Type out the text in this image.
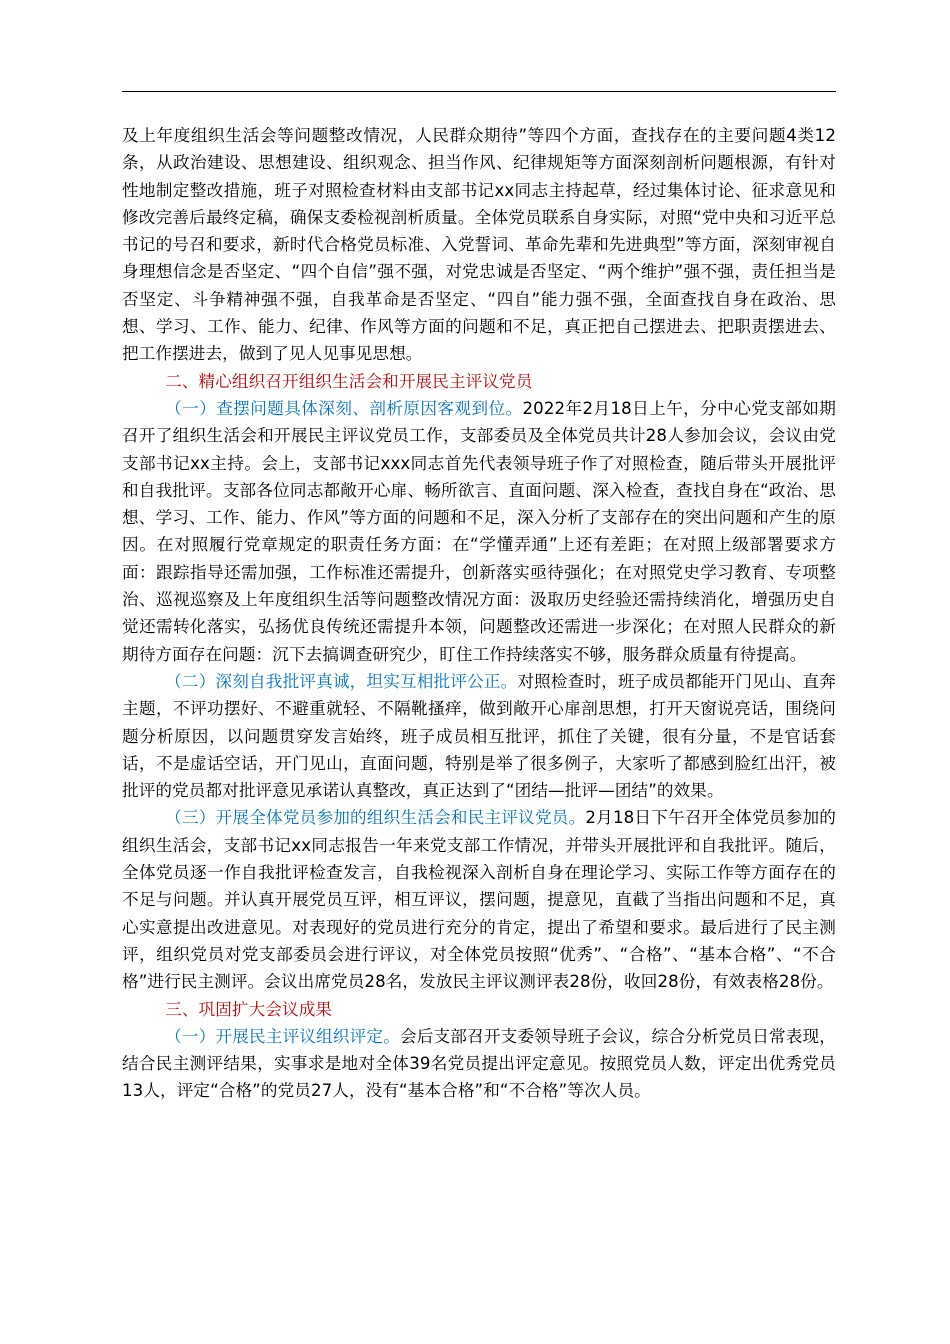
及上年度组织生活会等问题整改情况，人民群众期待”等四个方面，查找存在的主要问题4类12条，从政治建设、思想建设、组织观念、担当作风、纪律规矩等方面深刻剖析问题根源，有针对性地制定整改措施，班子对照检查材料由支部书记xx同志主持起草，经过集体讨论、征求意见和修改完善后最终定稿，确保支委检视剖析质量。全体党员联系自身实际，对照“党中央和习近平总书记的号召和要求，新时代合格党员标准、入党誓词、革命先辈和先进典型”等方面，深刻审视自身理想信念是否坚定、“四个自信”强不强，对党忠诚是否坚定、“两个维护”强不强，责任担当是否坚定、斗争精神强不强，自我革命是否坚定、“四自”能力强不强，全面查找自身在政治、思想、学习、工作、能力、纪律、作风等方面的问题和不足，真正把自己摆进去、把职责摆进去、把工作摆进去，做到了见人见事见思想。

二、精心组织召开组织生活会和开展民主评议党员

（一）查摆问题具体深刻、剖析原因客观到位。2022年2月18日上午，分中心党支部如期召开了组织生活会和开展民主评议党员工作，支部委员及全体党员共计28人参加会议，会议由党支部书记xx主持。会上，支部书记xxx同志首先代表领导班子作了对照检查，随后带头开展批评和自我批评。支部各位同志都敞开心扉、畅所欲言、直面问题、深入检查，查找自身在“政治、思想、学习、工作、能力、作风”等方面的问题和不足，深入分析了支部存在的突出问题和产生的原因。在对照履行党章规定的职责任务方面：在“学懂弄通”上还有差距；在对照上级部署要求方面：跟踪指导还需加强，工作标准还需提升，创新落实亟待强化；在对照党史学习教育、专项整治、巡视巡察及上年度组织生活等问题整改情况方面：汲取历史经验还需持续消化，增强历史自觉还需转化落实，弘扬优良传统还需提升本领，问题整改还需进一步深化；在对照人民群众的新期待方面存在问题：沉下去搞调查研究少，盯住工作持续落实不够，服务群众质量有待提高。

（二）深刻自我批评真诚，坦实互相批评公正。对照检查时，班子成员都能开门见山、直奔主题，不评功摆好、不避重就轻、不隔靴搔痒，做到敞开心扉剖思想，打开天窗说亮话，围绕问题分析原因，以问题贯穿发言始终，班子成员相互批评，抓住了关键，很有分量，不是官话套话，不是虚话空话，开门见山，直面问题，特别是举了很多例子，大家听了都感到脸红出汗，被批评的党员都对批评意见承诺认真整改，真正达到了“团结—批评—团结”的效果。

（三）开展全体党员参加的组织生活会和民主评议党员。2月18日下午召开全体党员参加的组织生活会，支部书记xx同志报告一年来党支部工作情况，并带头开展批评和自我批评。随后，全体党员逐一作自我批评检查发言，自我检视深入剖析自身在理论学习、实际工作等方面存在的不足与问题。并认真开展党员互评，相互评议，摆问题，提意见，直截了当指出问题和不足，真心实意提出改进意见。对表现好的党员进行充分的肯定，提出了希望和要求。最后进行了民主测评，组织党员对党支部委员会进行评议，对全体党员按照“优秀”、“合格”、“基本合格”、“不合格”进行民主测评。会议出席党员28名，发放民主评议测评表28份，收回28份，有效表格28份。

三、巩固扩大会议成果

（一）开展民主评议组织评定。会后支部召开支委领导班子会议，综合分析党员日常表现，结合民主测评结果，实事求是地对全体39名党员提出评定意见。按照党员人数，评定出优秀党员13人，评定“合格”的党员27人，没有“基本合格”和“不合格”等次人员。
